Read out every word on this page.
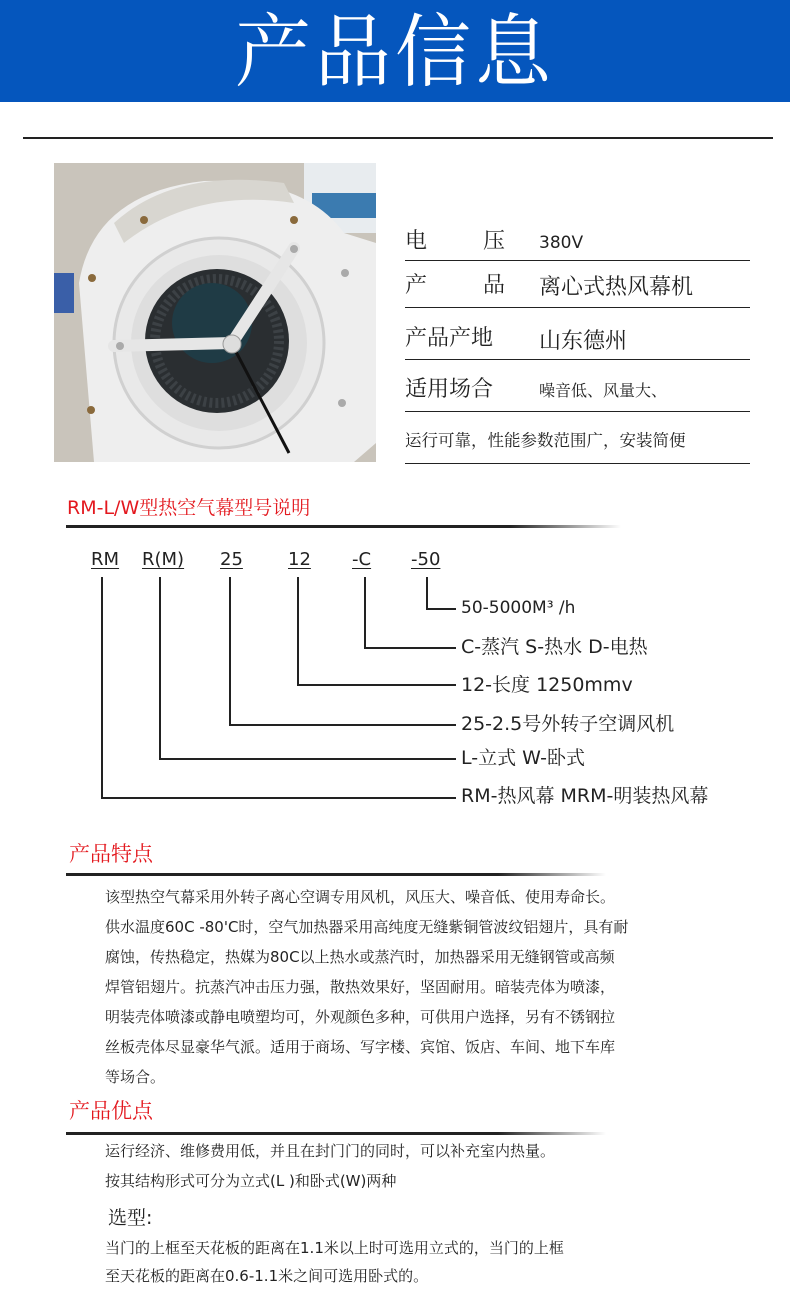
产品信息
电	压	380V
产	品	离心式热风幕机
产品产地	山东德州
适用场合	噪音低、风量大、
运行可靠，性能参数范围广，安装简便
RM-L/W型热空气幕型号说明
RM R(M) 25	12 -C -50
50-5000M³ /h
C-蒸汽 S-热水 D-电热
12-长度 1250mmv
25-2.5号外转子空调风机
L-立式 W-卧式
RM-热风幕 MRM-明装热风幕
产品特点
该型热空气幕采用外转子离心空调专用风机，风压大、噪音低、使用寿命长。
供水温度60C -80'C时，空气加热器采用高纯度无缝紫铜管波纹铝翅片，具有耐
腐蚀，传热稳定，热媒为80C以上热水或蒸汽时，加热器采用无缝钢管或高频
焊管铝翅片。抗蒸汽冲击压力强，散热效果好，坚固耐用。暗装壳体为喷漆，
明装壳体喷漆或静电喷塑均可，外观颜色多种，可供用户选择，另有不锈钢拉
丝板壳体尽显豪华气派。适用于商场、写字楼、宾馆、饭店、车间、地下车库
等场合。
产品优点
运行经济、维修费用低，并且在封门门的同时，可以补充室内热量。
按其结构形式可分为立式(L )和卧式(W)两种
选型:
当门的上框至天花板的距离在1.1米以上时可选用立式的，当门的上框
至天花板的距离在0.6-1.1米之间可选用卧式的。
